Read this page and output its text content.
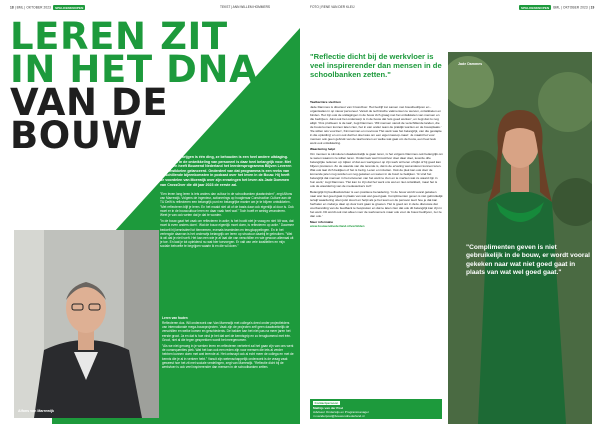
18 | BML | OKTOBER 2023 SPELDENKNOPEN	TEKST | ANN WILLEM HOMMERS
LEREN ZIT
IN HET DNA
VAN DE
BOUW	Werkzaamer krijgen is één ding, ze behouden is een heel andere uitdaging. Investeren in de ontwikkeling van personeel is daar heel belangrijk voor. Met voor ogen heeft Bouwend Nederland het leerdersprogramma Blijven Leveren en Ontwikkelen gelanceerd. Onderdeel van dat programma is een reeks van verschillende bijeenkomsten in podcast over het leven in de Bouw. Hij heeft de voordelen van Moerwijk over zijn ervaringen het leven als Jade Dommen van CrossOver die dit jaar 2023 de eerste zal.

"Een leven lang leren is iets anders dan cultuur in de schoolbanken plaatsvinden", zegt Alfons van Marrewijk. Volgens de ingenieur, actionerings op hoogleraar Construction Culture aan de TU Delft is reflecteren een belangrijk punt en belangrijke manier om je te blijven ontwikkelen. "Met reflecteren blijf je leren. En het maakt niet uit of de basis daar ook eigenlijk al door is. Ook moet er in de bouwcultuur leren en daar vaak heel wat." Toch hoeft er weinig veranderen. Weet je van ook weten dat je dat te worden.

"In de bouw gaat het vaak om reflecteren in actie; is het hoofd niet je vraag en niet 'dit was, dat moet ik even anders doen'. Wat de bouw eigenlijk moet doen, is reflecteren op actie." Daarmee bedoelt hij kennisdeel tot tiennemen, evenals teamleden en terugkoppelingen. En in het verlengde daarvan is het onderwijs belangrijk om leren op structuur daarbij te gebruiken. "Wat ik wil dat je niet hoeft. Het kan een wie je af laat die van verschillen en wie gewoon allemaal uit je toe. En laat je tot opleidend nu wat hier toevoegen. Er valt van vele kwaliteiten en mijn sociale behoefte te begrijpen waarin ik en die wil doen."

Alfons van Marrewijk

Leren van fouten

Reflecteren dus. Wil onderzoek van Van Marrewijk met collega's deed onder projectleiders van internationale mega-bouwprojecten. Vaak zijn de projecten zelf geen daadwerkelijk de verschillen en welke komen en geschiedenis. De bakker kan het niet pas na meer jaren het eerste groot. Ja en dat is hoe vind je het dat wel de kennisgrip en zo terugkomend met één. Groot, niet al die tegen gesprekken wordt het meegenomen.

"Als we niet genoeg in je werken leren en reflecteren verbetert zal het gaan zijn van ons werk de consequenties plek. Wat het kan ook een reden zijn voor mensen die iets al verder hebben kunnen doen met wat lerende al. Het ontsnapt ook al echt meer de collega en met de kennis die je al in verkeer hebt." Vanuit zijn wetenschappelijk onderzoek is de vraag vaak geweest hoe het zit met sociale verdelingen, zegt van Marrewijk. "Reflectie dicht bij de werkvloer is ook veel inspirerender dan mensen in de schoolbanken zetten.

FOTO | RENE VAN DER KLEIJ	SPELDENKNOPEN BML | OKTOBER 2023 | 19
"Reflectie dicht bij de werkvloer is veel inspirerender dan mensen in de schoolbanken zetten."
Taalbarrière slechten

Jade Dammes is directeur van CrossOver. Het bedrijf zet samen met bouwbedrijven en -organisaties in op nieuw personeel. Vanuit de technische vakmensen te werven, ontwikkelen en binden. Het zijn ook de uitdagingen in de bouw zich graag met het ontwikkelen van mensen en die bedrijven. Juist ook het onderwerp is in de bouw dat 'iets goed werken', en zegt dat zo nog altijd. 'Ons probleem is de taal', zegt Dammes. 'Wil mensen vanuit de verschillende landen, die de bouw komen kunnen laten zien, het in één ander team de praktijk worden en de bouwplaats.' 'De willen iets voorzien', Kimmerman en mevrouw 'Het werk was het belangrijk, van die gestapte in die opleiding' en om ook dat het doel was om een eigen taal-op-maat'. Je maakt het voor mensen ook geen gebruik van de taal kunnen en welke wat gaat om de bouw, een heel leuk werk ook ontwikkeling.

Waardering helpt

Om mensen te stimuleren daadwerkelijk te gaan leren, is het volgens Dammes ook belangrijk om te weten waarom ze willen leren. Onderzoek wat CrossOver doet daar doet, leverde drie belangrijke redenen op: kijken of dat een werkgever op zijn werk wil leren of kijkt of hij goed kan blijven presteren. Zo de waarde van die lerende is, dat is de ervaring wat anderen kunnen leren. Wat ook laat zich bekijken of het is bezig. Leren en inzetten. Ook de plek kan ook door de komende jaren nog worden en nog gekeken en weten in de buurt te bekijken. 'Ik vind het belangrijk dat mensen in het uitvoeren van het werk te zien en te merken wat ze waard zijn in hun werk,' zegt Dammes. 'Het kan zo zijn dat het werk ons wel en niet ontwikkelt, maar het is ook de waardering van de medewerkers zelf.'

Belangrijk bij feedbackcultuur is een positieve benadering. 'In de bouw wordt vooral gekeken naar wat niet goed gaat in plaats van wat wel goed gaat. Complimenten geven is niet gebruikelijk terwijl waardering uiten juist stuurt en helpt als je het team en de persoon leert hoe je dat kan herhalen en zodat je daar op door kunt gaan te groeien. Het is goed om in deze discussie dat voorbereiding van de feedback te bespreken en dat te laten zien dat ook dit belangrijk kan zijn in het werk. Dit wordt ook niet alleen voor de werknemers maar ook voor de bouw bedrijven, zei ze dan ook.'

Meer informatie
www.bouwendnederland.nl/verbilden
Contactpersoon
Mathijs van der Post
Adviseur Onderwijs en Programmanager
m.vanderpost@bouwendnederland.nl
Jade Dammes
"Complimenten geven is niet gebruikelijk in de bouw, er wordt vooral gekeken naar wat niet goed gaat in plaats van wat wel goed gaat."
